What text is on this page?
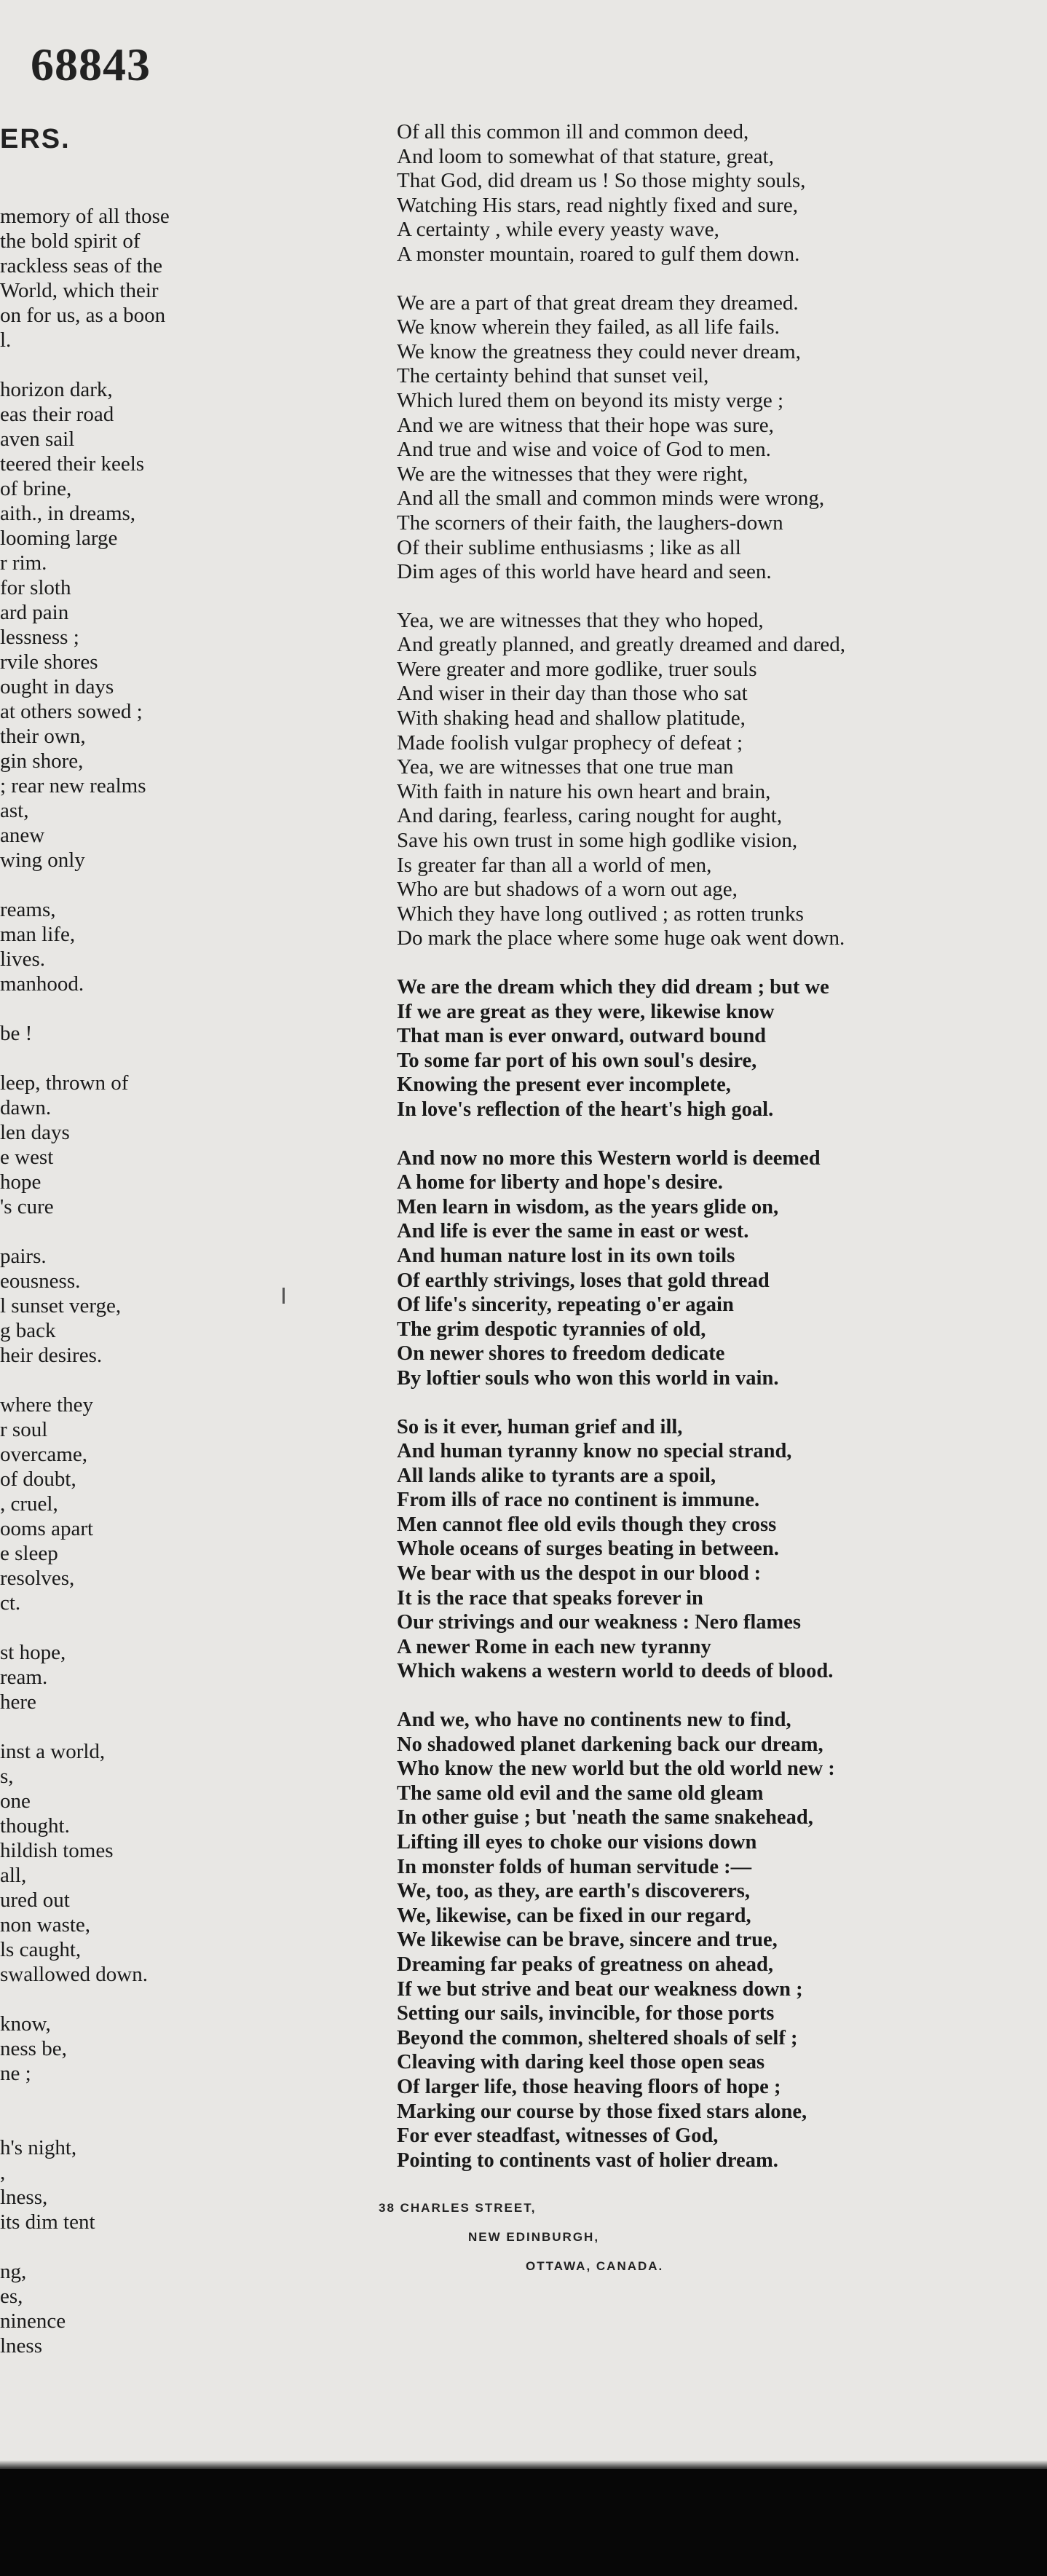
68843
ERS.
memory of all those
the bold spirit of
rackless seas of the
World, which their
on for us, as a boon
l.
horizon dark,
eas their road
aven sail
teered their keels
of brine,
aith., in dreams,
looming large
r rim.
for sloth
ard pain
lessness ;
rvile shores
ought in days
at others sowed ;
their own,
gin shore,
; rear new realms
ast,
anew
wing only
reams,
man life,
lives.
manhood.
be !
leep, thrown of
dawn.
len days
e west
hope
's cure
pairs.
eousness.
l sunset verge,
g back
heir desires.
where they
r soul
overcame,
of doubt,
, cruel,
ooms apart
e sleep
resolves,
ct.
st hope,
ream.
here
inst a world,
s,
one
thought.
hildish tomes
all,
ured out
non waste,
ls caught,
swallowed down.
know,
ness be,
ne ;
h's night,
,
lness,
its dim tent
ng,
es,
ninence
lness
Of all this common ill and common deed,
And loom to somewhat of that stature, great,
That God, did dream us ! So those mighty souls,
Watching His stars, read nightly fixed and sure,
A certainty , while every yeasty wave,
A monster mountain, roared to gulf them down.
We are a part of that great dream they dreamed.
We know wherein they failed, as all life fails.
We know the greatness they could never dream,
The certainty behind that sunset veil,
Which lured them on beyond its misty verge ;
And we are witness that their hope was sure,
And true and wise and voice of God to men.
We are the witnesses that they were right,
And all the small and common minds were wrong,
The scorners of their faith, the laughers-down
Of their sublime enthusiasms ; like as all
Dim ages of this world have heard and seen.
Yea, we are witnesses that they who hoped,
And greatly planned, and greatly dreamed and dared,
Were greater and more godlike, truer souls
And wiser in their day than those who sat
With shaking head and shallow platitude,
Made foolish vulgar prophecy of defeat ;
Yea, we are witnesses that one true man
With faith in nature his own heart and brain,
And daring, fearless, caring nought for aught,
Save his own trust in some high godlike vision,
Is greater far than all a world of men,
Who are but shadows of a worn out age,
Which they have long outlived ; as rotten trunks
Do mark the place where some huge oak went down.
We are the dream which they did dream ; but we
If we are great as they were, likewise know
That man is ever onward, outward bound
To some far port of his own soul's desire,
Knowing the present ever incomplete,
In love's reflection of the heart's high goal.
And now no more this Western world is deemed
A home for liberty and hope's desire.
Men learn in wisdom, as the years glide on,
And life is ever the same in east or west.
And human nature lost in its own toils
Of earthly strivings, loses that gold thread
Of life's sincerity, repeating o'er again
The grim despotic tyrannies of old,
On newer shores to freedom dedicate
By loftier souls who won this world in vain.
So is it ever, human grief and ill,
And human tyranny know no special strand,
All lands alike to tyrants are a spoil,
From ills of race no continent is immune.
Men cannot flee old evils though they cross
Whole oceans of surges beating in between.
We bear with us the despot in our blood :
It is the race that speaks forever in
Our strivings and our weakness : Nero flames
A newer Rome in each new tyranny
Which wakens a western world to deeds of blood.
And we, who have no continents new to find,
No shadowed planet darkening back our dream,
Who know the new world but the old world new :
The same old evil and the same old gleam
In other guise ; but 'neath the same snakehead,
Lifting ill eyes to choke our visions down
In monster folds of human servitude :—
We, too, as they, are earth's discoverers,
We, likewise, can be fixed in our regard,
We likewise can be brave, sincere and true,
Dreaming far peaks of greatness on ahead,
If we but strive and beat our weakness down ;
Setting our sails, invincible, for those ports
Beyond the common, sheltered shoals of self ;
Cleaving with daring keel those open seas
Of larger life, those heaving floors of hope ;
Marking our course by those fixed stars alone,
For ever steadfast, witnesses of God,
Pointing to continents vast of holier dream.
38 CHARLES STREET,
NEW EDINBURGH,
OTTAWA, CANADA.
